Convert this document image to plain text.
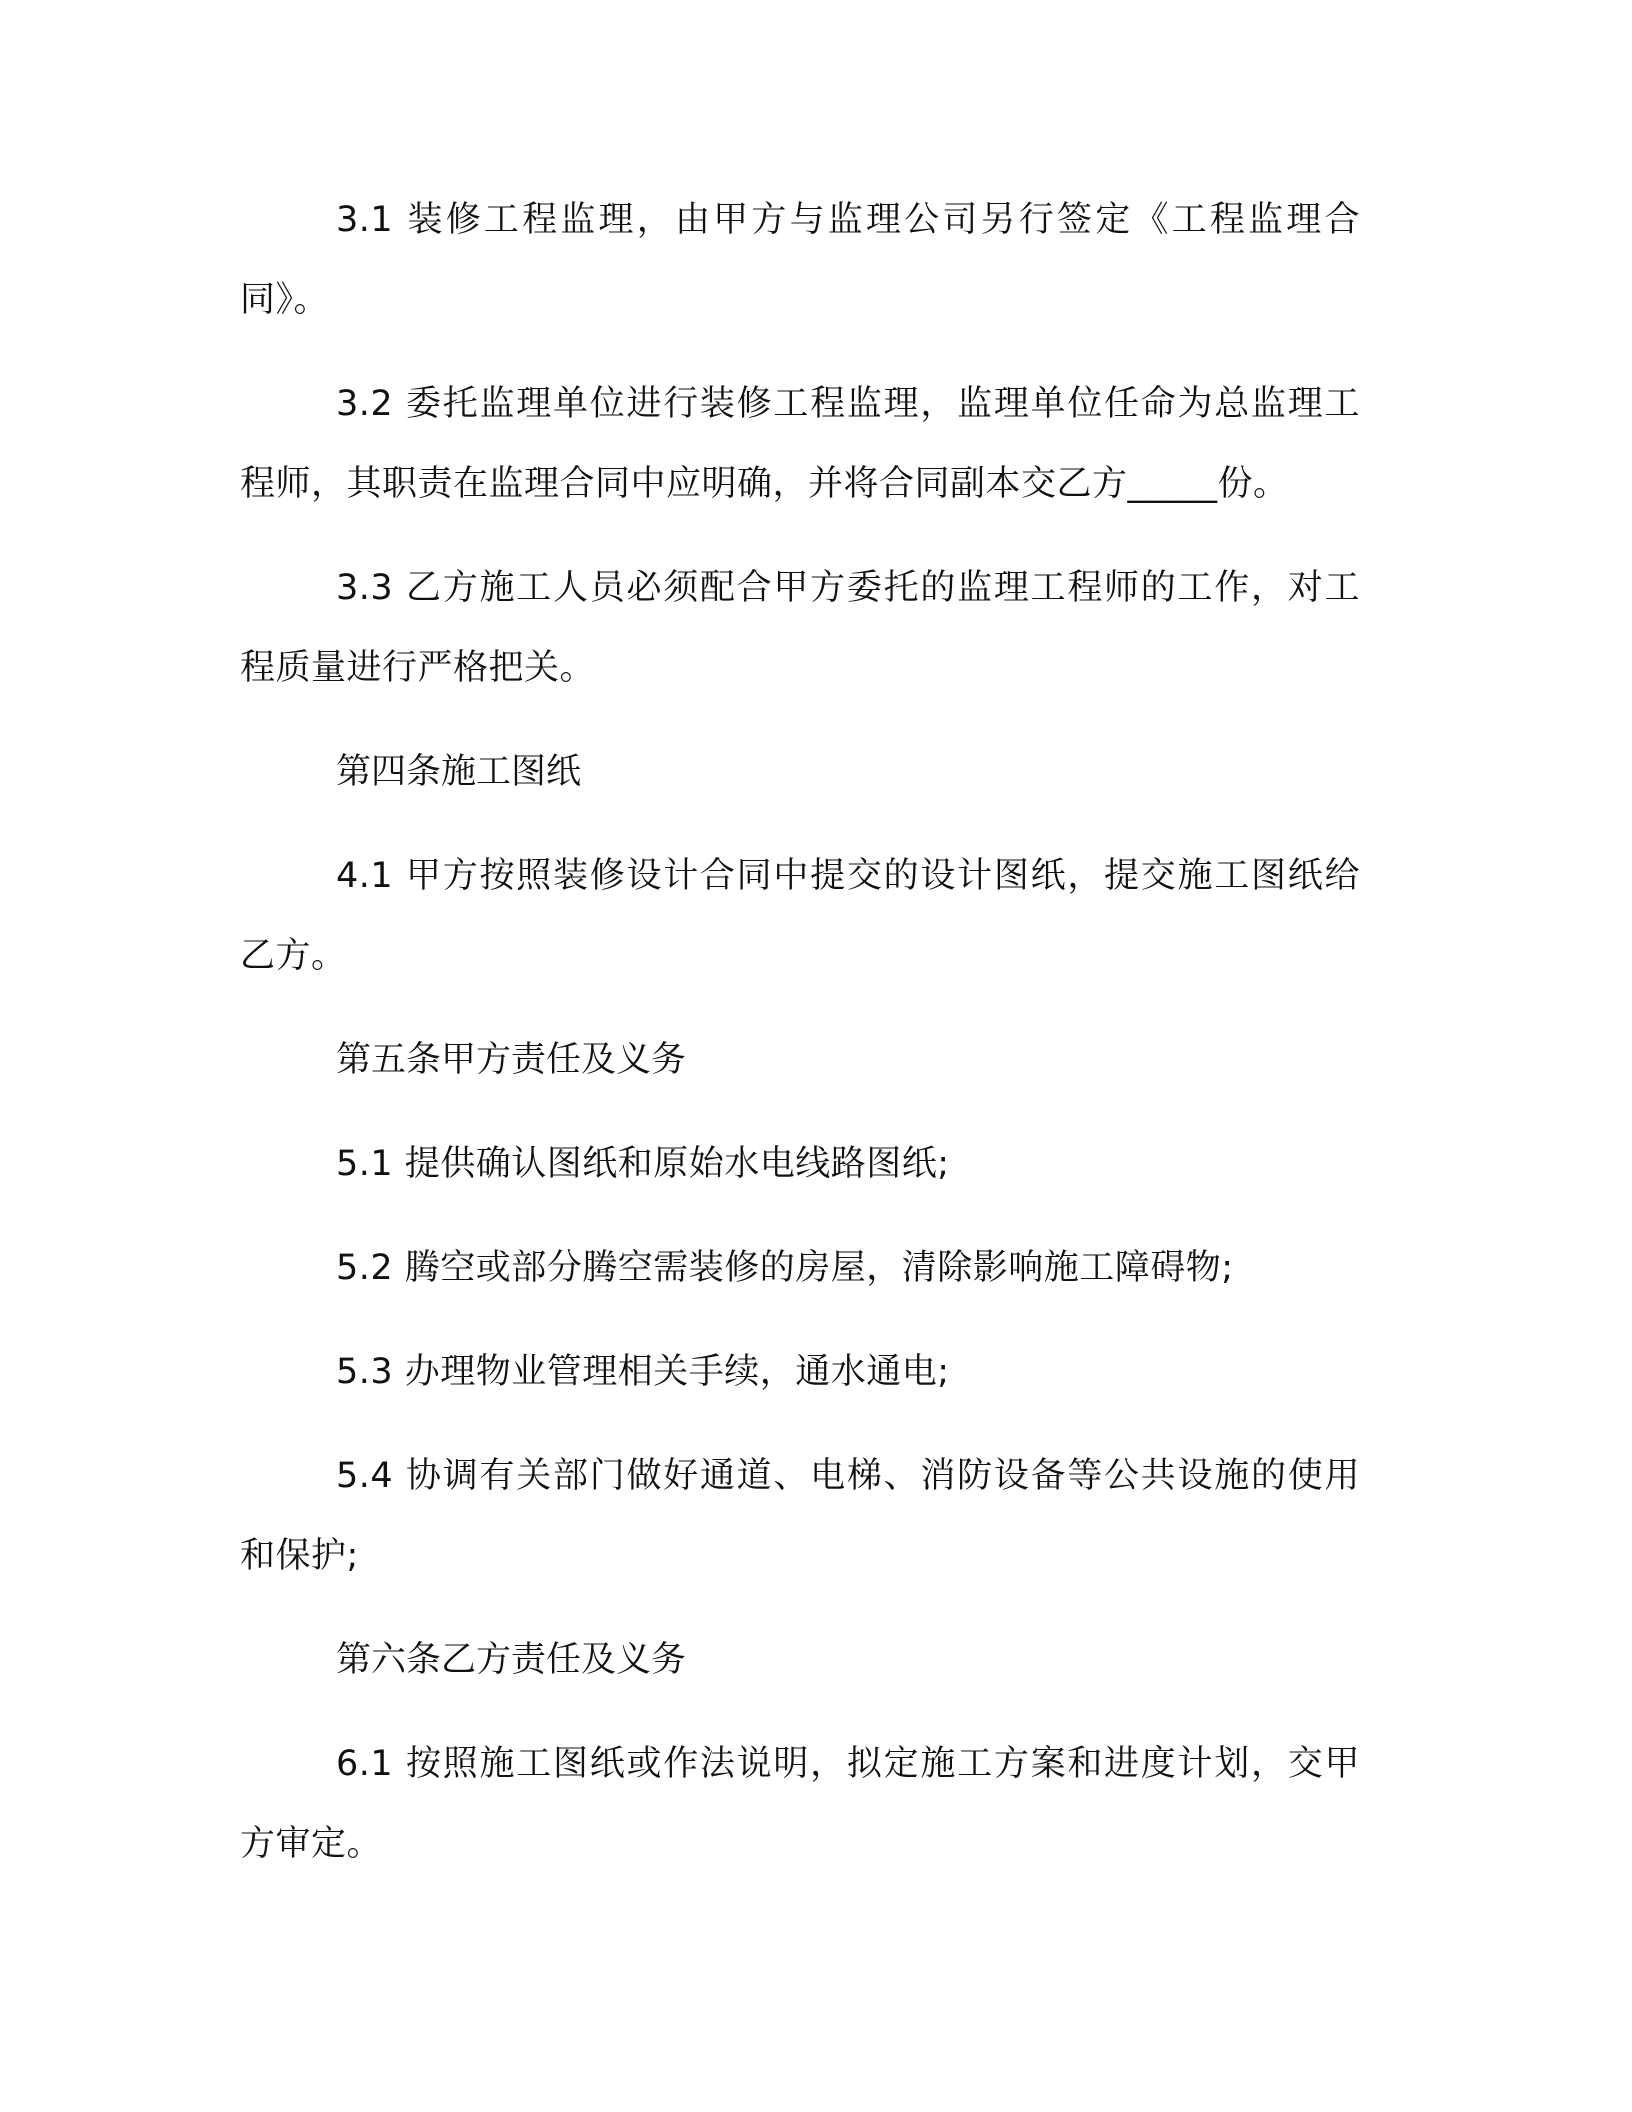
3.1 装修工程监理，由甲方与监理公司另行签定《工程监理合同》。

3.2 委托监理单位进行装修工程监理，监理单位任命为总监理工程师，其职责在监理合同中应明确，并将合同副本交乙方_____份。

3.3 乙方施工人员必须配合甲方委托的监理工程师的工作，对工程质量进行严格把关。

第四条施工图纸

4.1 甲方按照装修设计合同中提交的设计图纸，提交施工图纸给乙方。

第五条甲方责任及义务

5.1 提供确认图纸和原始水电线路图纸;

5.2 腾空或部分腾空需装修的房屋，清除影响施工障碍物;

5.3 办理物业管理相关手续，通水通电;

5.4 协调有关部门做好通道、电梯、消防设备等公共设施的使用和保护;

第六条乙方责任及义务

6.1 按照施工图纸或作法说明，拟定施工方案和进度计划，交甲方审定。
